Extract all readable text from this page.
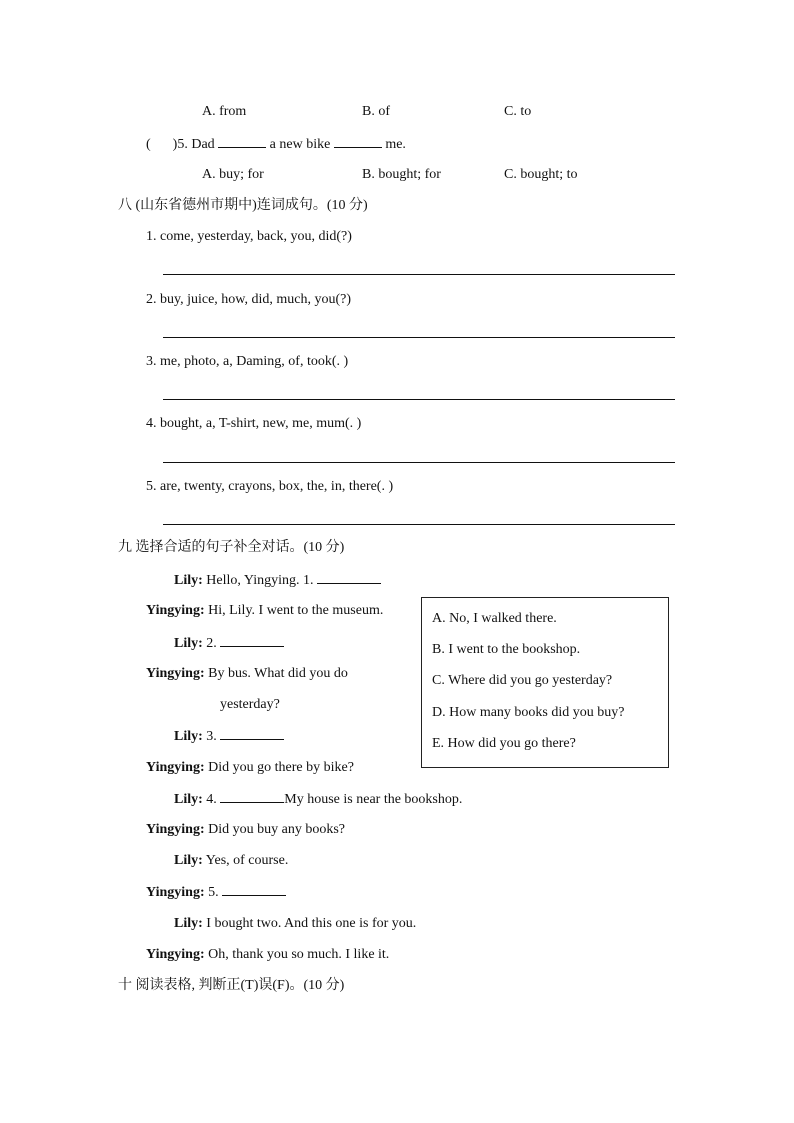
A. from	B. of	C. to
( )5. Dad	a new bike	me.
A. buy; for	B. bought; for	C. bought; to
八 (山东省德州市期中)连词成句。(10 分)
1. come, yesterday, back, you, did(?)
2. buy, juice, how, did, much, you(?)
3. me, photo, a, Daming, of, took(. )
4. bought, a, T-shirt, new, me, mum(. )
5. are, twenty, crayons, box, the, in, there(. )
九 选择合适的句子补全对话。(10 分)
Lily: Hello, Yingying. 1.
Yingying: Hi, Lily. I went to the museum.
Lily: 2.
Yingying: By bus. What did you do
yesterday?
Lily: 3.
Yingying: Did you go there by bike?
Lily: 4.	My house is near the bookshop.
Yingying: Did you buy any books?
Lily: Yes, of course.
Yingying: 5.
Lily: I bought two. And this one is for you.
Yingying: Oh, thank you so much. I like it.
A. No, I walked there.
B. I went to the bookshop.
C. Where did you go yesterday?
D. How many books did you buy?
E. How did you go there?
十 阅读表格, 判断正(T)误(F)。(10 分)
